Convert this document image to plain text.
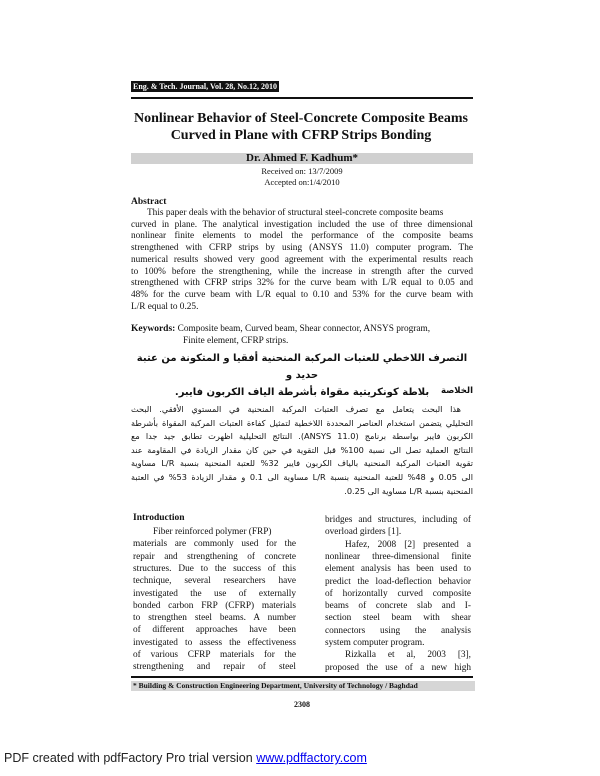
Eng. & Tech. Journal, Vol. 28, No.12, 2010
Nonlinear Behavior of Steel-Concrete Composite Beams
Curved in Plane with CFRP Strips Bonding
Dr. Ahmed F. Kadhum*
Received on: 13/7/2009
Accepted on:1/4/2010
Abstract
This paper deals with the behavior of structural steel-concrete composite beams
curved in plane. The analytical investigation included the use of three dimensional
nonlinear finite elements to model the performance of the composite beams
strengthened with CFRP strips by using (ANSYS 11.0) computer program. The
numerical results showed very good agreement with the experimental results reach
to 100% before the strengthening, while the increase in strength after the curved
strengthened with CFRP strips 32% for the curve beam with L/R equal to 0.05 and
48% for the curve beam with L/R equal to 0.10 and 53% for the curve beam with
L/R equal to 0.25.
Keywords: Composite beam, Curved beam, Shear connector, ANSYS program,
Finite element, CFRP strips.
التصرف اللاخطي للعتبات المركبة المنحنية أفقيا و المتكونة من عتبة حديد و
بلاطة كونكريتية مقواة بأشرطة الياف الكربون فايبر.	الخلاصة
هذا البحث يتعامل مع تصرف العتبات المركبة المنحنية في المستوي الأفقي. البحث
التحليلي يتضمن استخدام العناصر المحددة اللاخطية لتمثيل كفاءة العتبات المركبة المقواة بأشرطة
الكربون فايبر بواسطة برنامج (ANSYS 11.0). النتائج التحليلية اظهرت تطابق جيد جدا مع
النتائج العملية تصل الى نسبة 100% قبل التقوية في حين كان مقدار الزيادة في المقاومة عند
تقوية العتبات المركبة المنحنية بالياف الكربون فايبر 32% للعتبة المنحنية بنسبة L/R مساوية
الى 0.05 و 48% للعتبة المنحنية بنسبة L/R مساوية الى 0.1 و مقدار الزيادة 53% في العتبة
المنحنية بنسبة L/R مساوية الى 0.25.
Introduction
Fiber reinforced polymer (FRP)
materials are commonly used for the
repair and strengthening of concrete
structures. Due to the success of this
technique, several researchers have
investigated the use of externally
bonded carbon FRP (CFRP) materials
to strengthen steel beams. A number
of different approaches have been
investigated to assess the effectiveness
of various CFRP materials for the
strengthening and repair of steel
bridges and structures, including of
overload girders [1].
Hafez, 2008 [2] presented a
nonlinear three-dimensional finite
element analysis has been used to
predict the load-deflection behavior
of horizontally curved composite
beams of concrete slab and I-
section steel beam with shear
connectors using the analysis
system computer program.
Rizkalla et al, 2003 [3],
proposed the use of a new high
* Building & Construction Engineering Department, University of Technology / Baghdad
2308
PDF created with pdfFactory Pro trial version www.pdffactory.com
